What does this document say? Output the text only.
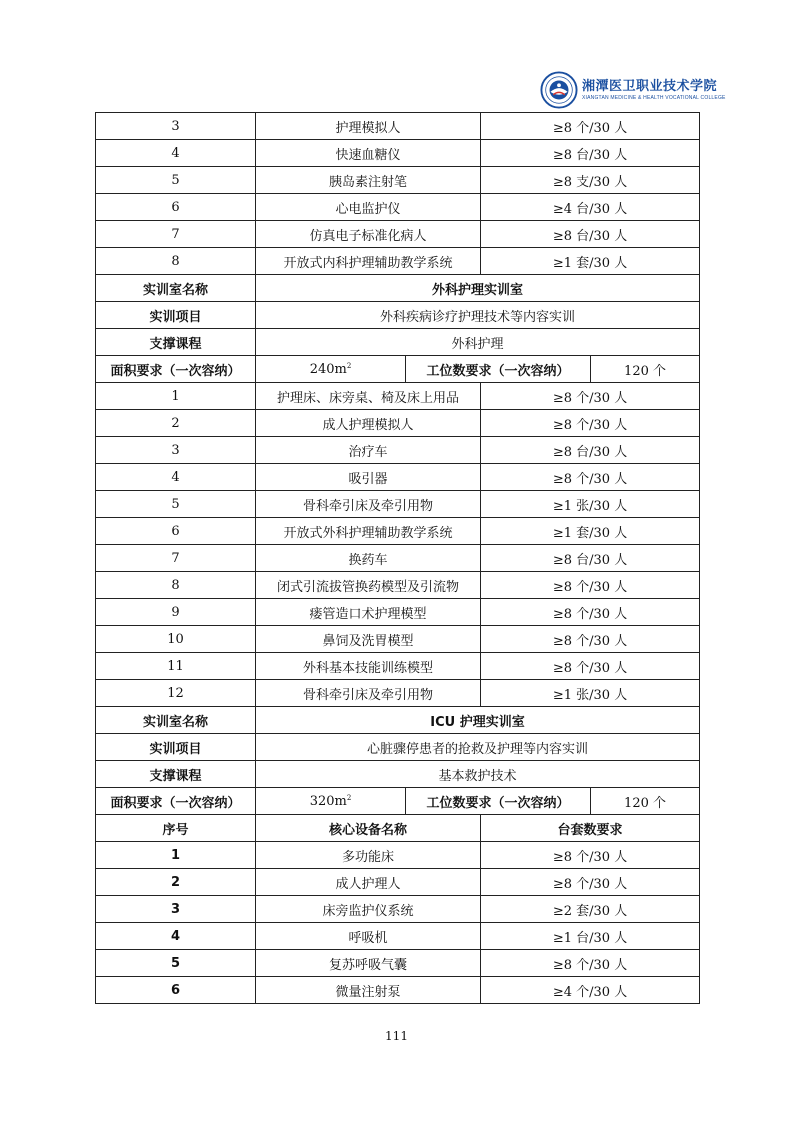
湘潭医卫职业技术学院
XIANGTAN MEDICINE & HEALTH VOCATIONAL COLLEGE
3	护理模拟人		≥8 个/30 人	
4	快速血糖仪		≥8 台/30 人	
5	胰岛素注射笔		≥8 支/30 人	
6	心电监护仪		≥4 台/30 人	
7	仿真电子标准化病人		≥8 台/30 人	
8	开放式内科护理辅助教学系统		≥1 套/30 人	
实训室名称	外科护理实训室			
实训项目	外科疾病诊疗护理技术等内容实训			
支撑课程	外科护理			
面积要求（一次容纳）	$240m^2$	工位数要求（一次容纳）		120 个
1	护理床、床旁桌、椅及床上用品		≥8 个/30 人	
2	成人护理模拟人		≥8 个/30 人	
3	治疗车		≥8 台/30 人	
4	吸引器		≥8 个/30 人	
5	骨科牵引床及牵引用物		≥1 张/30 人	
6	开放式外科护理辅助教学系统		≥1 套/30 人	
7	换药车		≥8 台/30 人	
8	闭式引流拔管换药模型及引流物		≥8 个/30 人	
9	瘘管造口术护理模型		≥8 个/30 人	
10	鼻饲及洗胃模型		≥8 个/30 人	
11	外科基本技能训练模型		≥8 个/30 人	
12	骨科牵引床及牵引用物		≥1 张/30 人	
实训室名称	ICU 护理实训室			
实训项目	心脏骤停患者的抢救及护理等内容实训			
支撑课程	基本救护技术			
面积要求（一次容纳）	$320m^2$	工位数要求（一次容纳）		120 个
序号	核心设备名称		台套数要求	
1	多功能床		≥8 个/30 人	
2	成人护理人		≥8 个/30 人	
3	床旁监护仪系统		≥2 套/30 人	
4	呼吸机		≥1 台/30 人	
5	复苏呼吸气囊		≥8 个/30 人	
6	微量注射泵		≥4 个/30 人	
111
